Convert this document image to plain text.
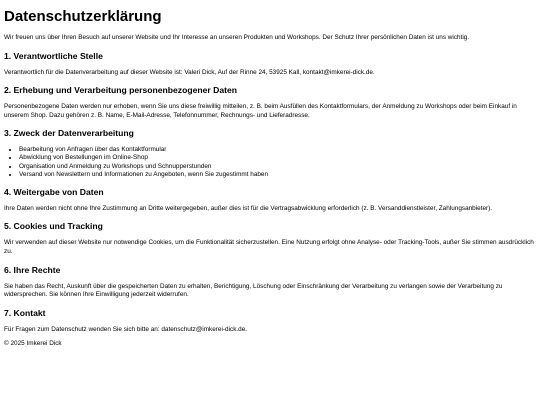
Datenschutzerklärung

Wir freuen uns über Ihren Besuch auf unserer Website und Ihr Interesse an unseren Produkten und Workshops. Der Schutz Ihrer persönlichen Daten ist uns wichtig.

1. Verantwortliche Stelle

Verantwortlich für die Datenverarbeitung auf dieser Website ist: Valeri Dick, Auf der Rinne 24, 53925 Kall, kontakt@imkerei-dick.de.

2. Erhebung und Verarbeitung personenbezogener Daten

Personenbezogene Daten werden nur erhoben, wenn Sie uns diese freiwillig mitteilen, z. B. beim Ausfüllen des Kontaktformulars, der Anmeldung zu Workshops oder beim Einkauf in unserem Shop. Dazu gehören z. B. Name, E-Mail-Adresse, Telefonnummer, Rechnungs- und Lieferadresse.

3. Zweck der Datenverarbeitung
• Bearbeitung von Anfragen über das Kontaktformular
• Abwicklung von Bestellungen im Online-Shop
• Organisation und Anmeldung zu Workshops und Schnupperstunden
• Versand von Newslettern und Informationen zu Angeboten, wenn Sie zugestimmt haben
4. Weitergabe von Daten

Ihre Daten werden nicht ohne Ihre Zustimmung an Dritte weitergegeben, außer dies ist für die Vertragsabwicklung erforderlich (z. B. Versanddienstleister, Zahlungsanbieter).

5. Cookies und Tracking

Wir verwenden auf dieser Website nur notwendige Cookies, um die Funktionalität sicherzustellen. Eine Nutzung erfolgt ohne Analyse- oder Tracking-Tools, außer Sie stimmen ausdrücklich zu.

6. Ihre Rechte

Sie haben das Recht, Auskunft über die gespeicherten Daten zu erhalten, Berichtigung, Löschung oder Einschränkung der Verarbeitung zu verlangen sowie der Verarbeitung zu widersprechen. Sie können Ihre Einwilligung jederzeit widerrufen.

7. Kontakt

Für Fragen zum Datenschutz wenden Sie sich bitte an: datenschutz@imkerei-dick.de.

© 2025 Imkerei Dick
